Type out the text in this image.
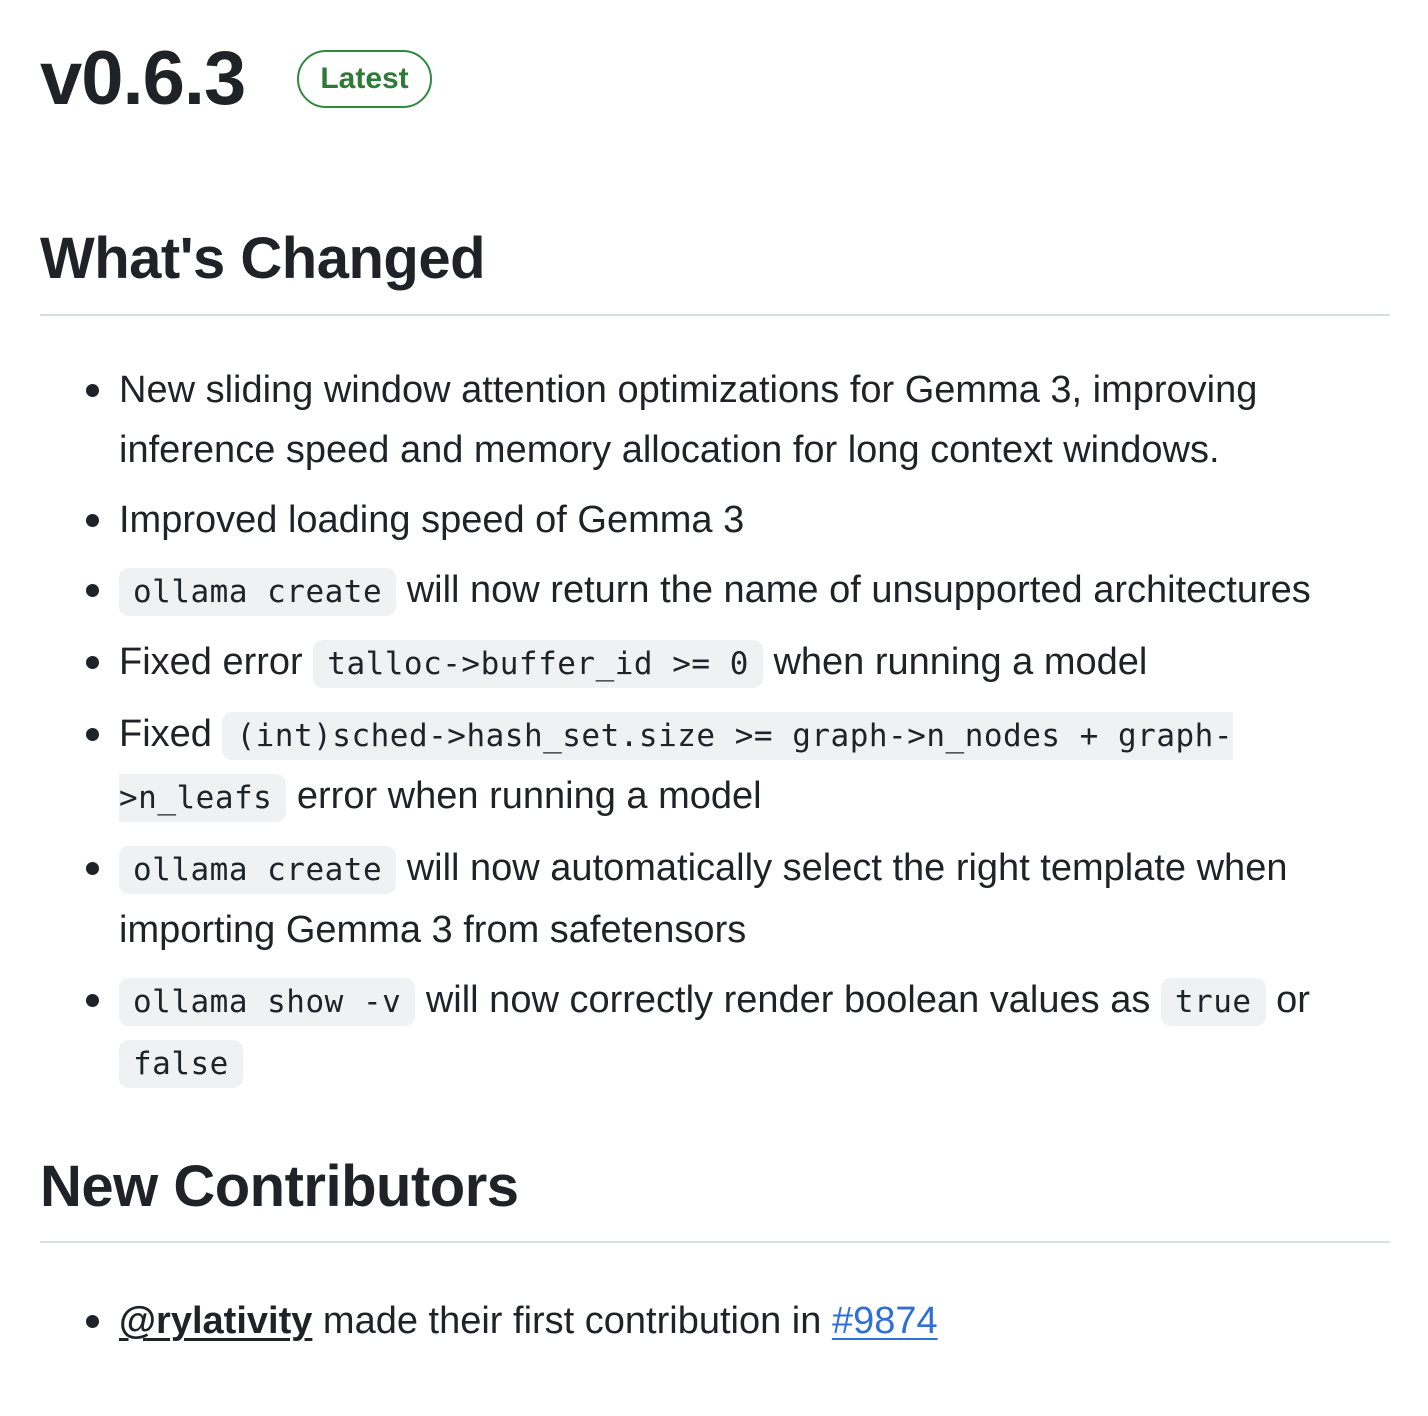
v0.6.3	Latest
What's Changed
New sliding window attention optimizations for Gemma 3, improving inference speed and memory allocation for long context windows.
Improved loading speed of Gemma 3
ollama create will now return the name of unsupported architectures
Fixed error talloc->buffer_id >= 0 when running a model
Fixed (int)sched->hash_set.size >= graph->n_nodes + graph->n_leafs error when running a model
ollama create will now automatically select the right template when importing Gemma 3 from safetensors
ollama show -v will now correctly render boolean values as true or false
New Contributors
@rylativity made their first contribution in #9874
